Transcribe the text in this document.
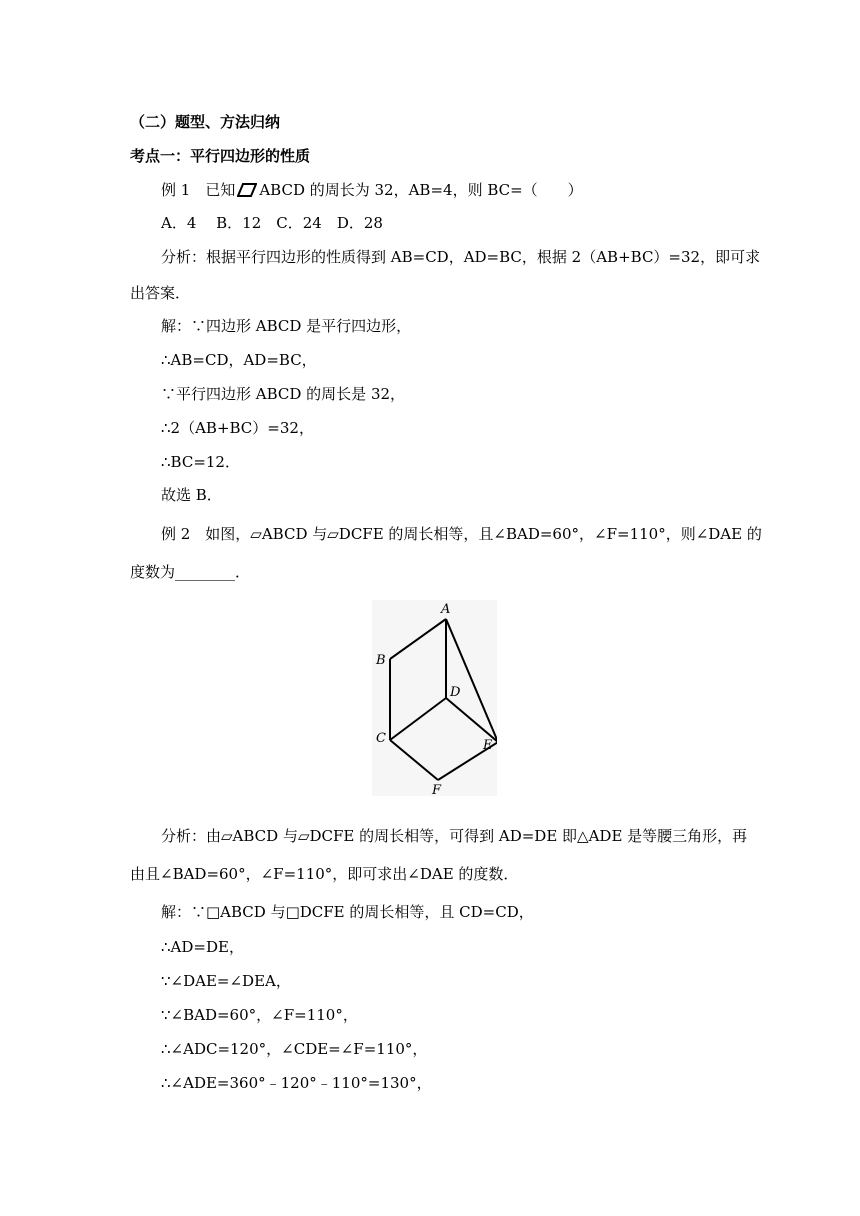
（二）题型、方法归纳
考点一：平行四边形的性质
例 1　 已知 ABCD 的周长为 32，AB=4，则 BC=（　　）
A．4　 B．12　C．24　D．28
分析：根据平行四边形的性质得到 AB=CD，AD=BC，根据 2（AB+BC）=32，即可求
出答案．
解：∵四边形 ABCD 是平行四边形，
∴AB=CD，AD=BC，
∵平行四边形 ABCD 的周长是 32，
∴2（AB+BC）=32，
∴BC=12．
故选 B．
例 2　如图，▱ABCD 与▱DCFE 的周长相等，且∠BAD=60°，∠F=110°，则∠DAE 的
度数为________．
A
B
C
D
E
F
分析：由▱ABCD 与▱DCFE 的周长相等，可得到 AD=DE 即△ADE 是等腰三角形，再
由且∠BAD=60°，∠F=110°，即可求出∠DAE 的度数．
解：∵□ABCD 与□DCFE 的周长相等，且 CD=CD，
∴AD=DE，
∵∠DAE=∠DEA，
∵∠BAD=60°，∠F=110°，
∴∠ADC=120°，∠CDE=∠F=110°，
∴∠ADE=360°﹣120°﹣110°=130°，
